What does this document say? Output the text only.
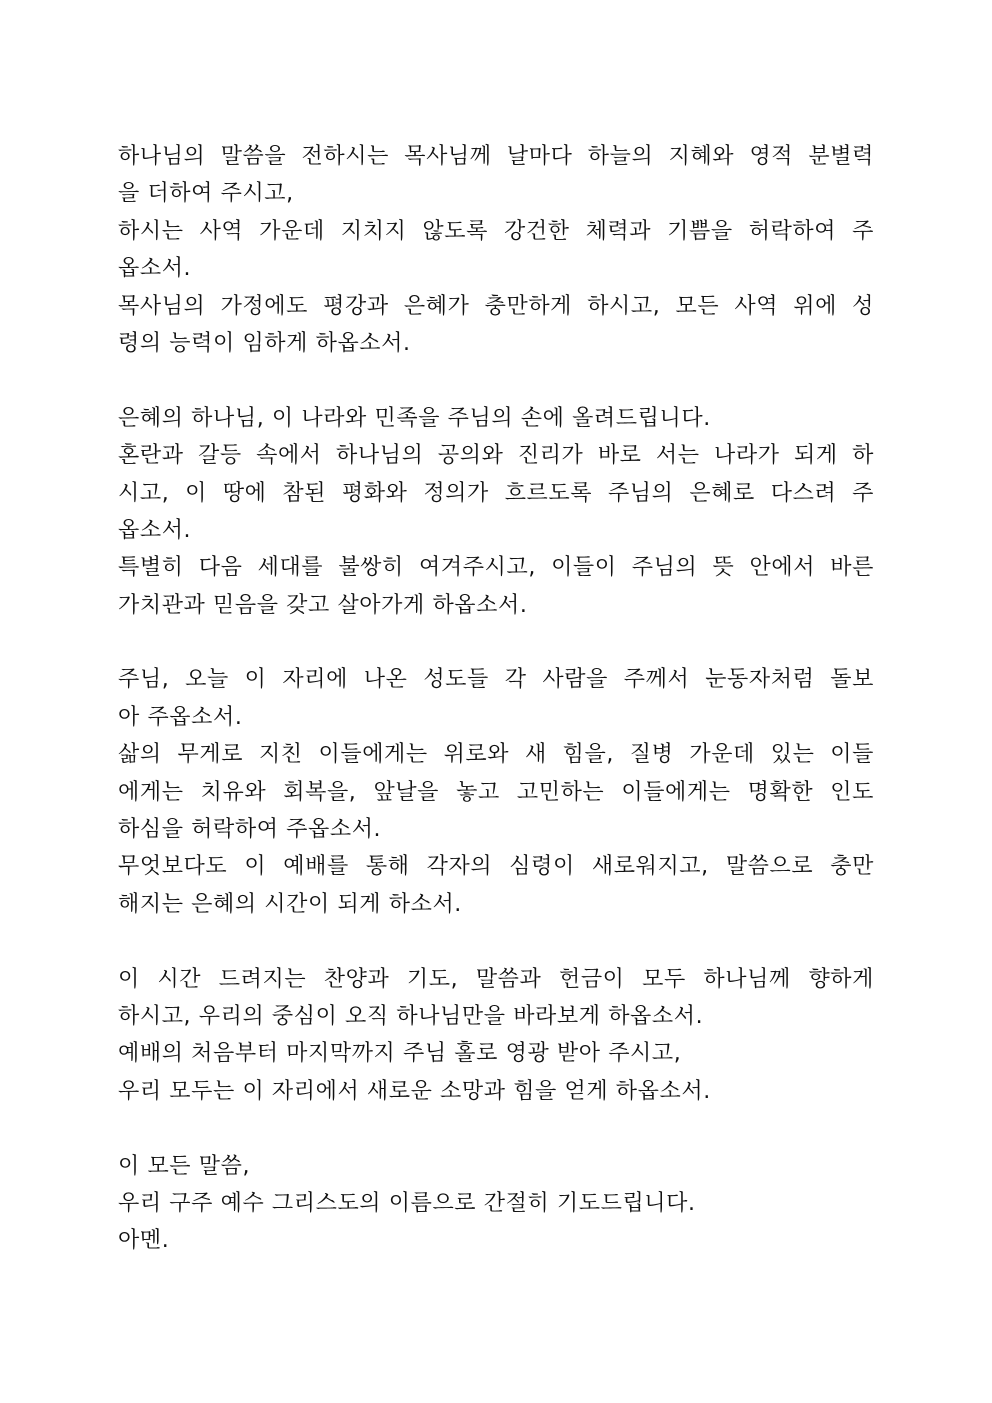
하나님의 말씀을 전하시는 목사님께 날마다 하늘의 지혜와 영적 분별력
을 더하여 주시고,
하시는 사역 가운데 지치지 않도록 강건한 체력과 기쁨을 허락하여 주
옵소서.
목사님의 가정에도 평강과 은혜가 충만하게 하시고, 모든 사역 위에 성
령의 능력이 임하게 하옵소서.
은혜의 하나님, 이 나라와 민족을 주님의 손에 올려드립니다.
혼란과 갈등 속에서 하나님의 공의와 진리가 바로 서는 나라가 되게 하
시고, 이 땅에 참된 평화와 정의가 흐르도록 주님의 은혜로 다스려 주
옵소서.
특별히 다음 세대를 불쌍히 여겨주시고, 이들이 주님의 뜻 안에서 바른
가치관과 믿음을 갖고 살아가게 하옵소서.
주님, 오늘 이 자리에 나온 성도들 각 사람을 주께서 눈동자처럼 돌보
아 주옵소서.
삶의 무게로 지친 이들에게는 위로와 새 힘을, 질병 가운데 있는 이들
에게는 치유와 회복을, 앞날을 놓고 고민하는 이들에게는 명확한 인도
하심을 허락하여 주옵소서.
무엇보다도 이 예배를 통해 각자의 심령이 새로워지고, 말씀으로 충만
해지는 은혜의 시간이 되게 하소서.
이 시간 드려지는 찬양과 기도, 말씀과 헌금이 모두 하나님께 향하게
하시고, 우리의 중심이 오직 하나님만을 바라보게 하옵소서.
예배의 처음부터 마지막까지 주님 홀로 영광 받아 주시고,
우리 모두는 이 자리에서 새로운 소망과 힘을 얻게 하옵소서.
이 모든 말씀,
우리 구주 예수 그리스도의 이름으로 간절히 기도드립니다.
아멘.
